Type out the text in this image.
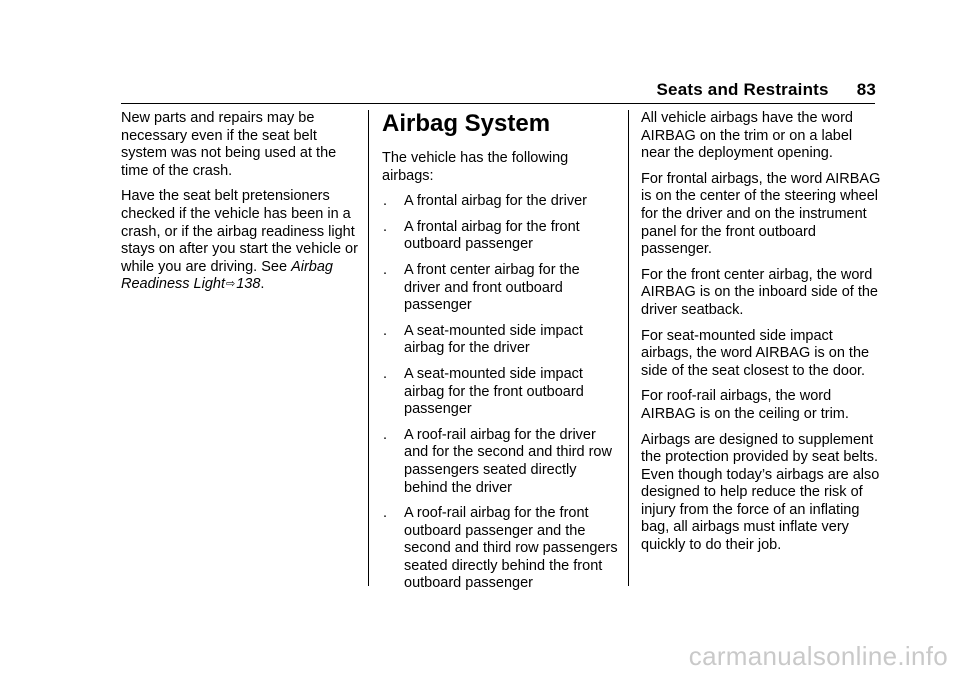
Seats and Restraints 83

New parts and repairs may be necessary even if the seat belt system was not being used at the time of the crash.

Have the seat belt pretensioners checked if the vehicle has been in a crash, or if the airbag readiness light stays on after you start the vehicle or while you are driving. See Airbag Readiness Light⇨138.

Airbag System

The vehicle has the following airbags:

. A frontal airbag for the driver
. A frontal airbag for the front outboard passenger
. A front center airbag for the driver and front outboard passenger
. A seat-mounted side impact airbag for the driver
. A seat-mounted side impact airbag for the front outboard passenger
. A roof-rail airbag for the driver and for the second and third row passengers seated directly behind the driver
. A roof-rail airbag for the front outboard passenger and the second and third row passengers seated directly behind the front outboard passenger

All vehicle airbags have the word AIRBAG on the trim or on a label near the deployment opening.

For frontal airbags, the word AIRBAG is on the center of the steering wheel for the driver and on the instrument panel for the front outboard passenger.

For the front center airbag, the word AIRBAG is on the inboard side of the driver seatback.

For seat-mounted side impact airbags, the word AIRBAG is on the side of the seat closest to the door.

For roof-rail airbags, the word AIRBAG is on the ceiling or trim.

Airbags are designed to supplement the protection provided by seat belts. Even though today’s airbags are also designed to help reduce the risk of injury from the force of an inflating bag, all airbags must inflate very quickly to do their job.

carmanualsonline.info
